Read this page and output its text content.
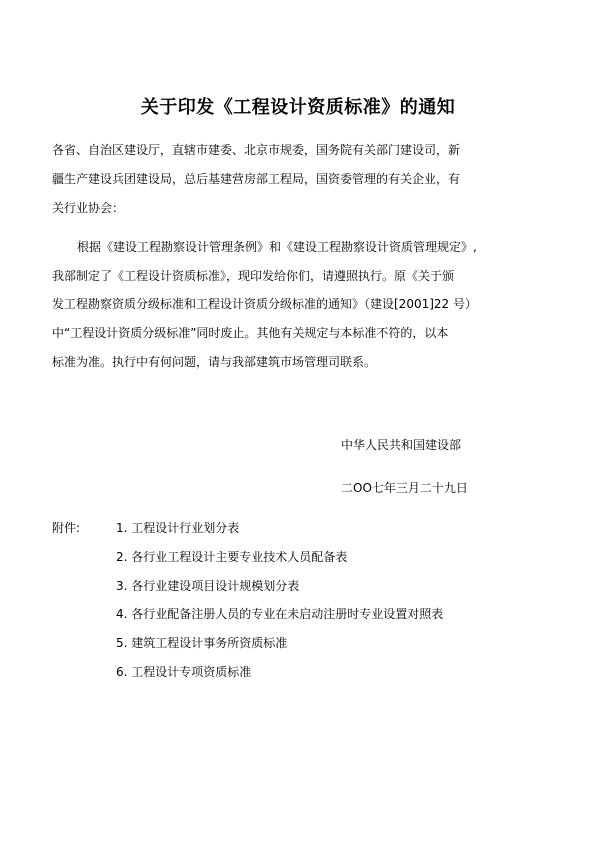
关于印发《工程设计资质标准》的通知
各省、自治区建设厅，直辖市建委、北京市规委，国务院有关部门建设司，新
疆生产建设兵团建设局，总后基建营房部工程局，国资委管理的有关企业，有
关行业协会：
根据《建设工程勘察设计管理条例》和《建设工程勘察设计资质管理规定》,
我部制定了《工程设计资质标准》，现印发给你们，请遵照执行。原《关于颁
发工程勘察资质分级标准和工程设计资质分级标准的通知》（建设[2001]22 号）
中“工程设计资质分级标准”同时废止。其他有关规定与本标准不符的，以本
标准为准。执行中有何问题，请与我部建筑市场管理司联系。
中华人民共和国建设部
二OO七年三月二十九日
附件:	1. 工程设计行业划分表
2. 各行业工程设计主要专业技术人员配备表
3. 各行业建设项目设计规模划分表
4. 各行业配备注册人员的专业在未启动注册时专业设置对照表
5. 建筑工程设计事务所资质标准
6. 工程设计专项资质标准
